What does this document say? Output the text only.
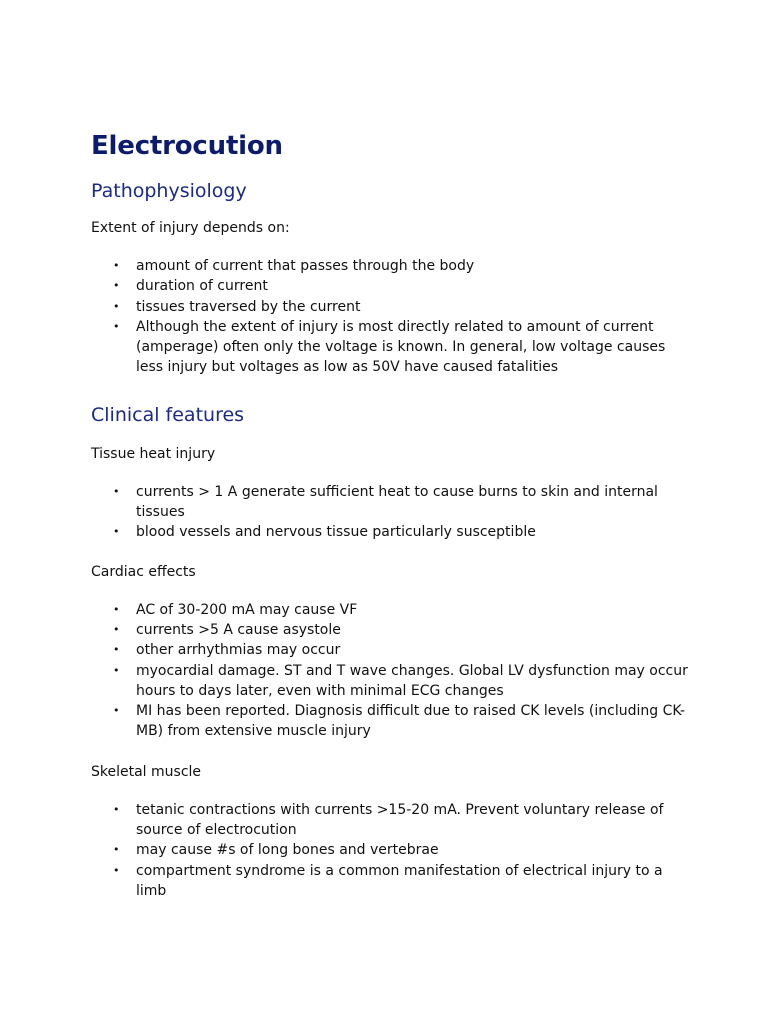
Electrocution
Pathophysiology

Extent of injury depends on:

• amount of current that passes through the body
• duration of current
• tissues traversed by the current
• Although the extent of injury is most directly related to amount of current (amperage) often only the voltage is known. In general, low voltage causes less injury but voltages as low as 50V have caused fatalities
Clinical features

Tissue heat injury

• currents > 1 A generate sufficient heat to cause burns to skin and internal tissues
• blood vessels and nervous tissue particularly susceptible

Cardiac effects

• AC of 30-200 mA may cause VF
• currents >5 A cause asystole
• other arrhythmias may occur
• myocardial damage. ST and T wave changes. Global LV dysfunction may occur hours to days later, even with minimal ECG changes
• MI has been reported. Diagnosis difficult due to raised CK levels (including CK-MB) from extensive muscle injury

Skeletal muscle

• tetanic contractions with currents >15-20 mA. Prevent voluntary release of source of electrocution
• may cause #s of long bones and vertebrae
• compartment syndrome is a common manifestation of electrical injury to a limb
